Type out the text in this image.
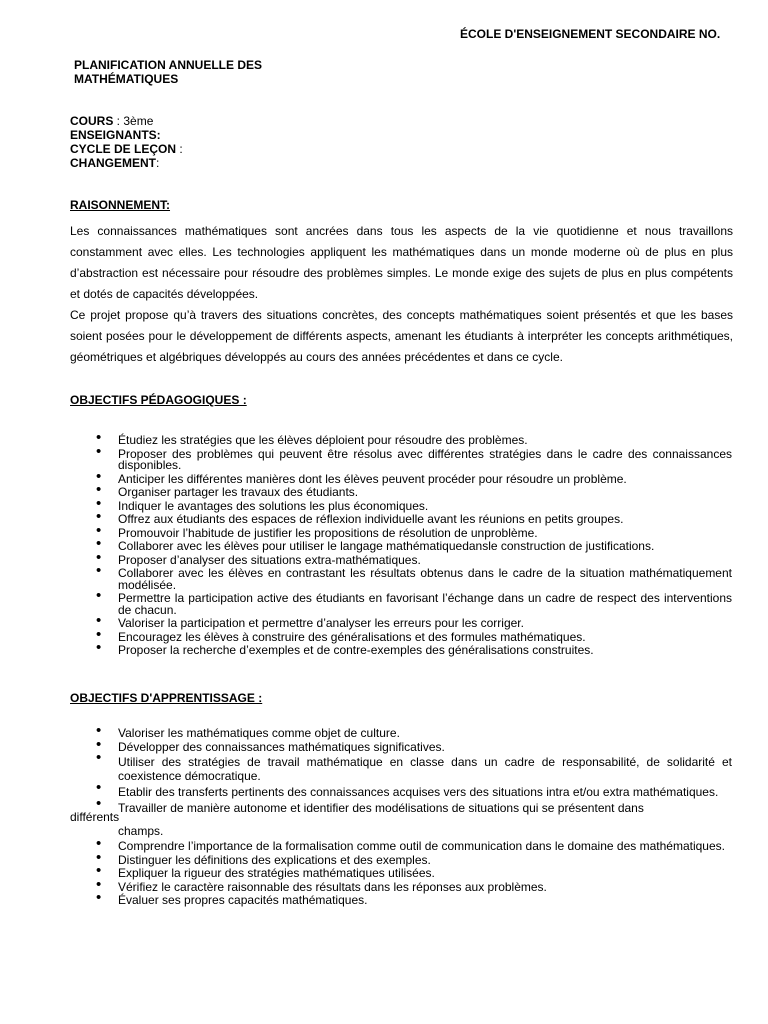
ÉCOLE D'ENSEIGNEMENT SECONDAIRE NO.
PLANIFICATION ANNUELLE DES MATHÉMATIQUES
COURS : 3ème
ENSEIGNANTS:
CYCLE DE LEÇON :
CHANGEMENT:
RAISONNEMENT:
Les connaissances mathématiques sont ancrées dans tous les aspects de la vie quotidienne et nous travaillons constamment avec elles. Les technologies appliquent les mathématiques dans un monde moderne où de plus en plus d’abstraction est nécessaire pour résoudre des problèmes simples. Le monde exige des sujets de plus en plus compétents et dotés de capacités développées.
Ce projet propose qu’à travers des situations concrètes, des concepts mathématiques soient présentés et que les bases soient posées pour le développement de différents aspects, amenant les étudiants à interpréter les concepts arithmétiques, géométriques et algébriques développés au cours des années précédentes et dans ce cycle.
OBJECTIFS PÉDAGOGIQUES :
• Étudiez les stratégies que les élèves déploient pour résoudre des problèmes.
• Proposer des problèmes qui peuvent être résolus avec différentes stratégies dans le cadre des connaissances disponibles.
• Anticiper les différentes manières dont les élèves peuvent procéder pour résoudre un problème.
• Organiser partager les travaux des étudiants.
• Indiquer le avantages des solutions les plus économiques.
• Offrez aux étudiants des espaces de réflexion individuelle avant les réunions en petits groupes.
• Promouvoir l’habitude de justifier les propositions de résolution de unproblème.
• Collaborer avec les élèves pour utiliser le langage mathématiquedansle construction de justifications.
• Proposer d’analyser des situations extra-mathématiques.
• Collaborer avec les élèves en contrastant les résultats obtenus dans le cadre de la situation mathématiquement modélisée.
• Permettre la participation active des étudiants en favorisant l’échange dans un cadre de respect des interventions de chacun.
• Valoriser la participation et permettre d’analyser les erreurs pour les corriger.
• Encouragez les élèves à construire des généralisations et des formules mathématiques.
• Proposer la recherche d’exemples et de contre-exemples des généralisations construites.
OBJECTIFS D'APPRENTISSAGE :
• Valoriser les mathématiques comme objet de culture.
• Développer des connaissances mathématiques significatives.
• Utiliser des stratégies de travail mathématique en classe dans un cadre de responsabilité, de solidarité et coexistence démocratique.
• Etablir des transferts pertinents des connaissances acquises vers des situations intra et/ou extra mathématiques.
• Travailler de manière autonome et identifier des modélisations de situations qui se présentent dans
différents
champs.
• Comprendre l’importance de la formalisation comme outil de communication dans le domaine des mathématiques.
• Distinguer les définitions des explications et des exemples.
• Expliquer la rigueur des stratégies mathématiques utilisées.
• Vérifiez le caractère raisonnable des résultats dans les réponses aux problèmes.
• Évaluer ses propres capacités mathématiques.
